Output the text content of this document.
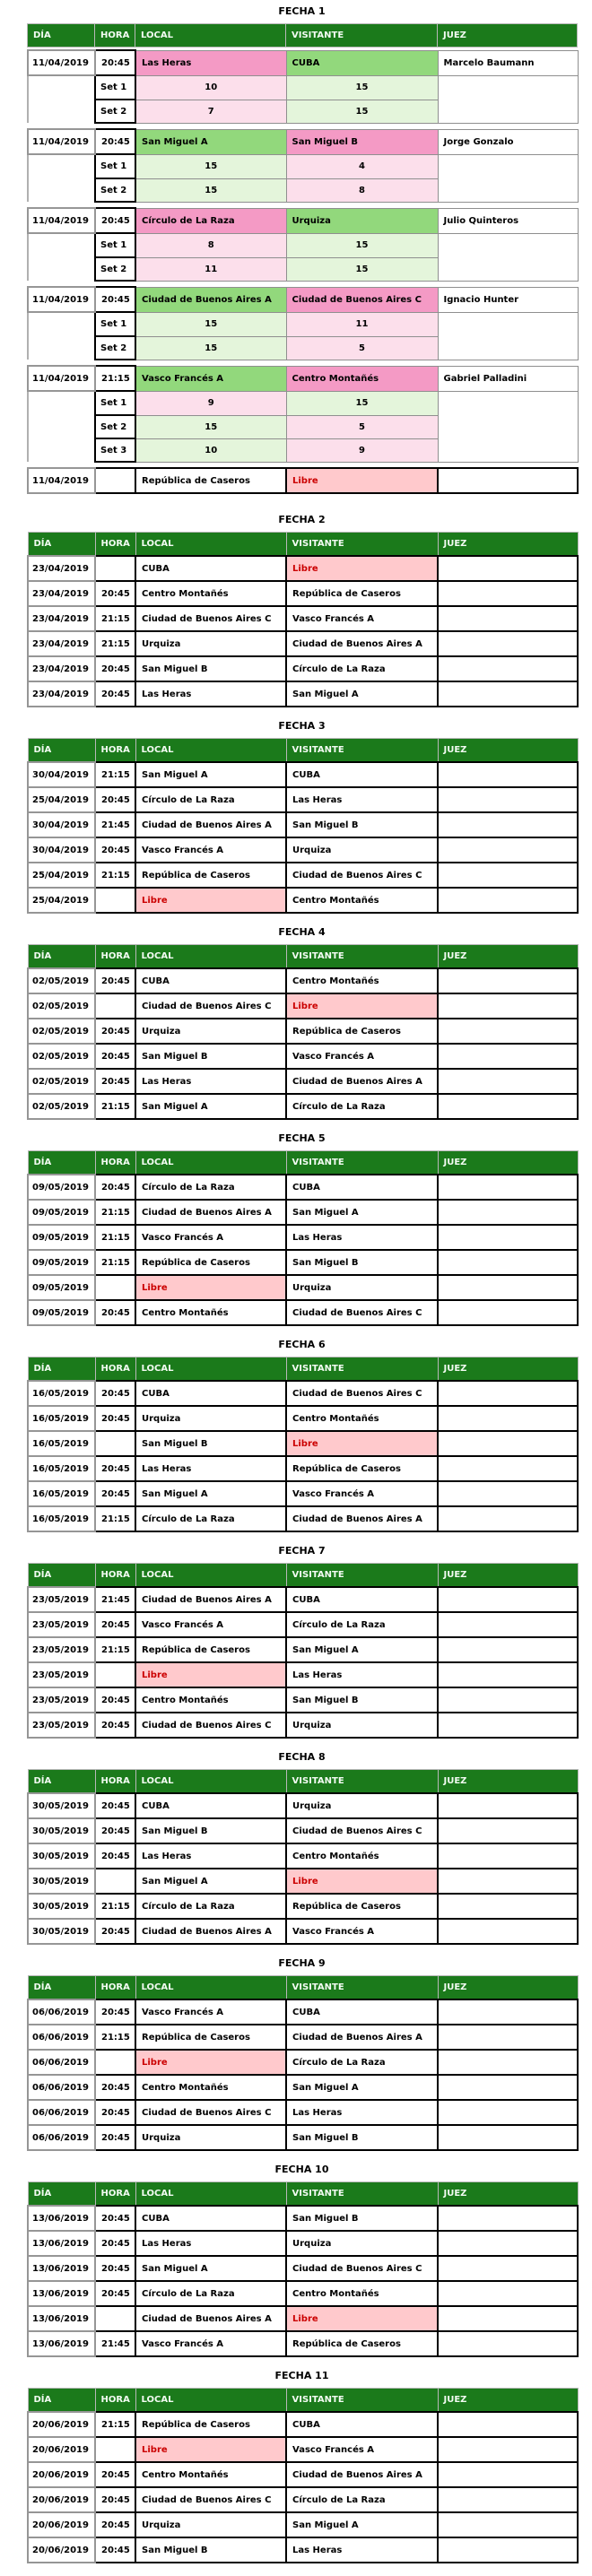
FECHA 1
DÍA	HORA	LOCAL	VISITANTE	JUEZ
11/04/2019	20:45	Las Heras	CUBA	Marcelo Baumann
	Set 1	10	15	
	Set 2	7	15	
11/04/2019	20:45	San Miguel A	San Miguel B	Jorge Gonzalo
	Set 1	15	4	
	Set 2	15	8	
11/04/2019	20:45	Círculo de La Raza	Urquiza	Julio Quinteros
	Set 1	8	15	
	Set 2	11	15	
11/04/2019	20:45	Ciudad de Buenos Aires A	Ciudad de Buenos Aires C	Ignacio Hunter
	Set 1	15	11	
	Set 2	15	5	
11/04/2019	21:15	Vasco Francés A	Centro Montañés	Gabriel Palladini
	Set 1	9	15	
	Set 2	15	5	
	Set 3	10	9	
11/04/2019		República de Caseros	Libre	
FECHA 2
DÍA	HORA	LOCAL	VISITANTE	JUEZ
23/04/2019		CUBA	Libre	
23/04/2019	20:45	Centro Montañés	República de Caseros	
23/04/2019	21:15	Ciudad de Buenos Aires C	Vasco Francés A	
23/04/2019	21:15	Urquiza	Ciudad de Buenos Aires A	
23/04/2019	20:45	San Miguel B	Círculo de La Raza	
23/04/2019	20:45	Las Heras	San Miguel A	
FECHA 3
DÍA	HORA	LOCAL	VISITANTE	JUEZ
30/04/2019	21:15	San Miguel A	CUBA	
25/04/2019	20:45	Círculo de La Raza	Las Heras	
30/04/2019	21:45	Ciudad de Buenos Aires A	San Miguel B	
30/04/2019	20:45	Vasco Francés A	Urquiza	
25/04/2019	21:15	República de Caseros	Ciudad de Buenos Aires C	
25/04/2019		Libre	Centro Montañés	
FECHA 4
DÍA	HORA	LOCAL	VISITANTE	JUEZ
02/05/2019	20:45	CUBA	Centro Montañés	
02/05/2019		Ciudad de Buenos Aires C	Libre	
02/05/2019	20:45	Urquiza	República de Caseros	
02/05/2019	20:45	San Miguel B	Vasco Francés A	
02/05/2019	20:45	Las Heras	Ciudad de Buenos Aires A	
02/05/2019	21:15	San Miguel A	Círculo de La Raza	
FECHA 5
DÍA	HORA	LOCAL	VISITANTE	JUEZ
09/05/2019	20:45	Círculo de La Raza	CUBA	
09/05/2019	21:15	Ciudad de Buenos Aires A	San Miguel A	
09/05/2019	21:15	Vasco Francés A	Las Heras	
09/05/2019	21:15	República de Caseros	San Miguel B	
09/05/2019		Libre	Urquiza	
09/05/2019	20:45	Centro Montañés	Ciudad de Buenos Aires C	
FECHA 6
DÍA	HORA	LOCAL	VISITANTE	JUEZ
16/05/2019	20:45	CUBA	Ciudad de Buenos Aires C	
16/05/2019	20:45	Urquiza	Centro Montañés	
16/05/2019		San Miguel B	Libre	
16/05/2019	20:45	Las Heras	República de Caseros	
16/05/2019	20:45	San Miguel A	Vasco Francés A	
16/05/2019	21:15	Círculo de La Raza	Ciudad de Buenos Aires A	
FECHA 7
DÍA	HORA	LOCAL	VISITANTE	JUEZ
23/05/2019	21:45	Ciudad de Buenos Aires A	CUBA	
23/05/2019	20:45	Vasco Francés A	Círculo de La Raza	
23/05/2019	21:15	República de Caseros	San Miguel A	
23/05/2019		Libre	Las Heras	
23/05/2019	20:45	Centro Montañés	San Miguel B	
23/05/2019	20:45	Ciudad de Buenos Aires C	Urquiza	
FECHA 8
DÍA	HORA	LOCAL	VISITANTE	JUEZ
30/05/2019	20:45	CUBA	Urquiza	
30/05/2019	20:45	San Miguel B	Ciudad de Buenos Aires C	
30/05/2019	20:45	Las Heras	Centro Montañés	
30/05/2019		San Miguel A	Libre	
30/05/2019	21:15	Círculo de La Raza	República de Caseros	
30/05/2019	20:45	Ciudad de Buenos Aires A	Vasco Francés A	
FECHA 9
DÍA	HORA	LOCAL	VISITANTE	JUEZ
06/06/2019	20:45	Vasco Francés A	CUBA	
06/06/2019	21:15	República de Caseros	Ciudad de Buenos Aires A	
06/06/2019		Libre	Círculo de La Raza	
06/06/2019	20:45	Centro Montañés	San Miguel A	
06/06/2019	20:45	Ciudad de Buenos Aires C	Las Heras	
06/06/2019	20:45	Urquiza	San Miguel B	
FECHA 10
DÍA	HORA	LOCAL	VISITANTE	JUEZ
13/06/2019	20:45	CUBA	San Miguel B	
13/06/2019	20:45	Las Heras	Urquiza	
13/06/2019	20:45	San Miguel A	Ciudad de Buenos Aires C	
13/06/2019	20:45	Círculo de La Raza	Centro Montañés	
13/06/2019		Ciudad de Buenos Aires A	Libre	
13/06/2019	21:45	Vasco Francés A	República de Caseros	
FECHA 11
DÍA	HORA	LOCAL	VISITANTE	JUEZ
20/06/2019	21:15	República de Caseros	CUBA	
20/06/2019		Libre	Vasco Francés A	
20/06/2019	20:45	Centro Montañés	Ciudad de Buenos Aires A	
20/06/2019	20:45	Ciudad de Buenos Aires C	Círculo de La Raza	
20/06/2019	20:45	Urquiza	San Miguel A	
20/06/2019	20:45	San Miguel B	Las Heras	
